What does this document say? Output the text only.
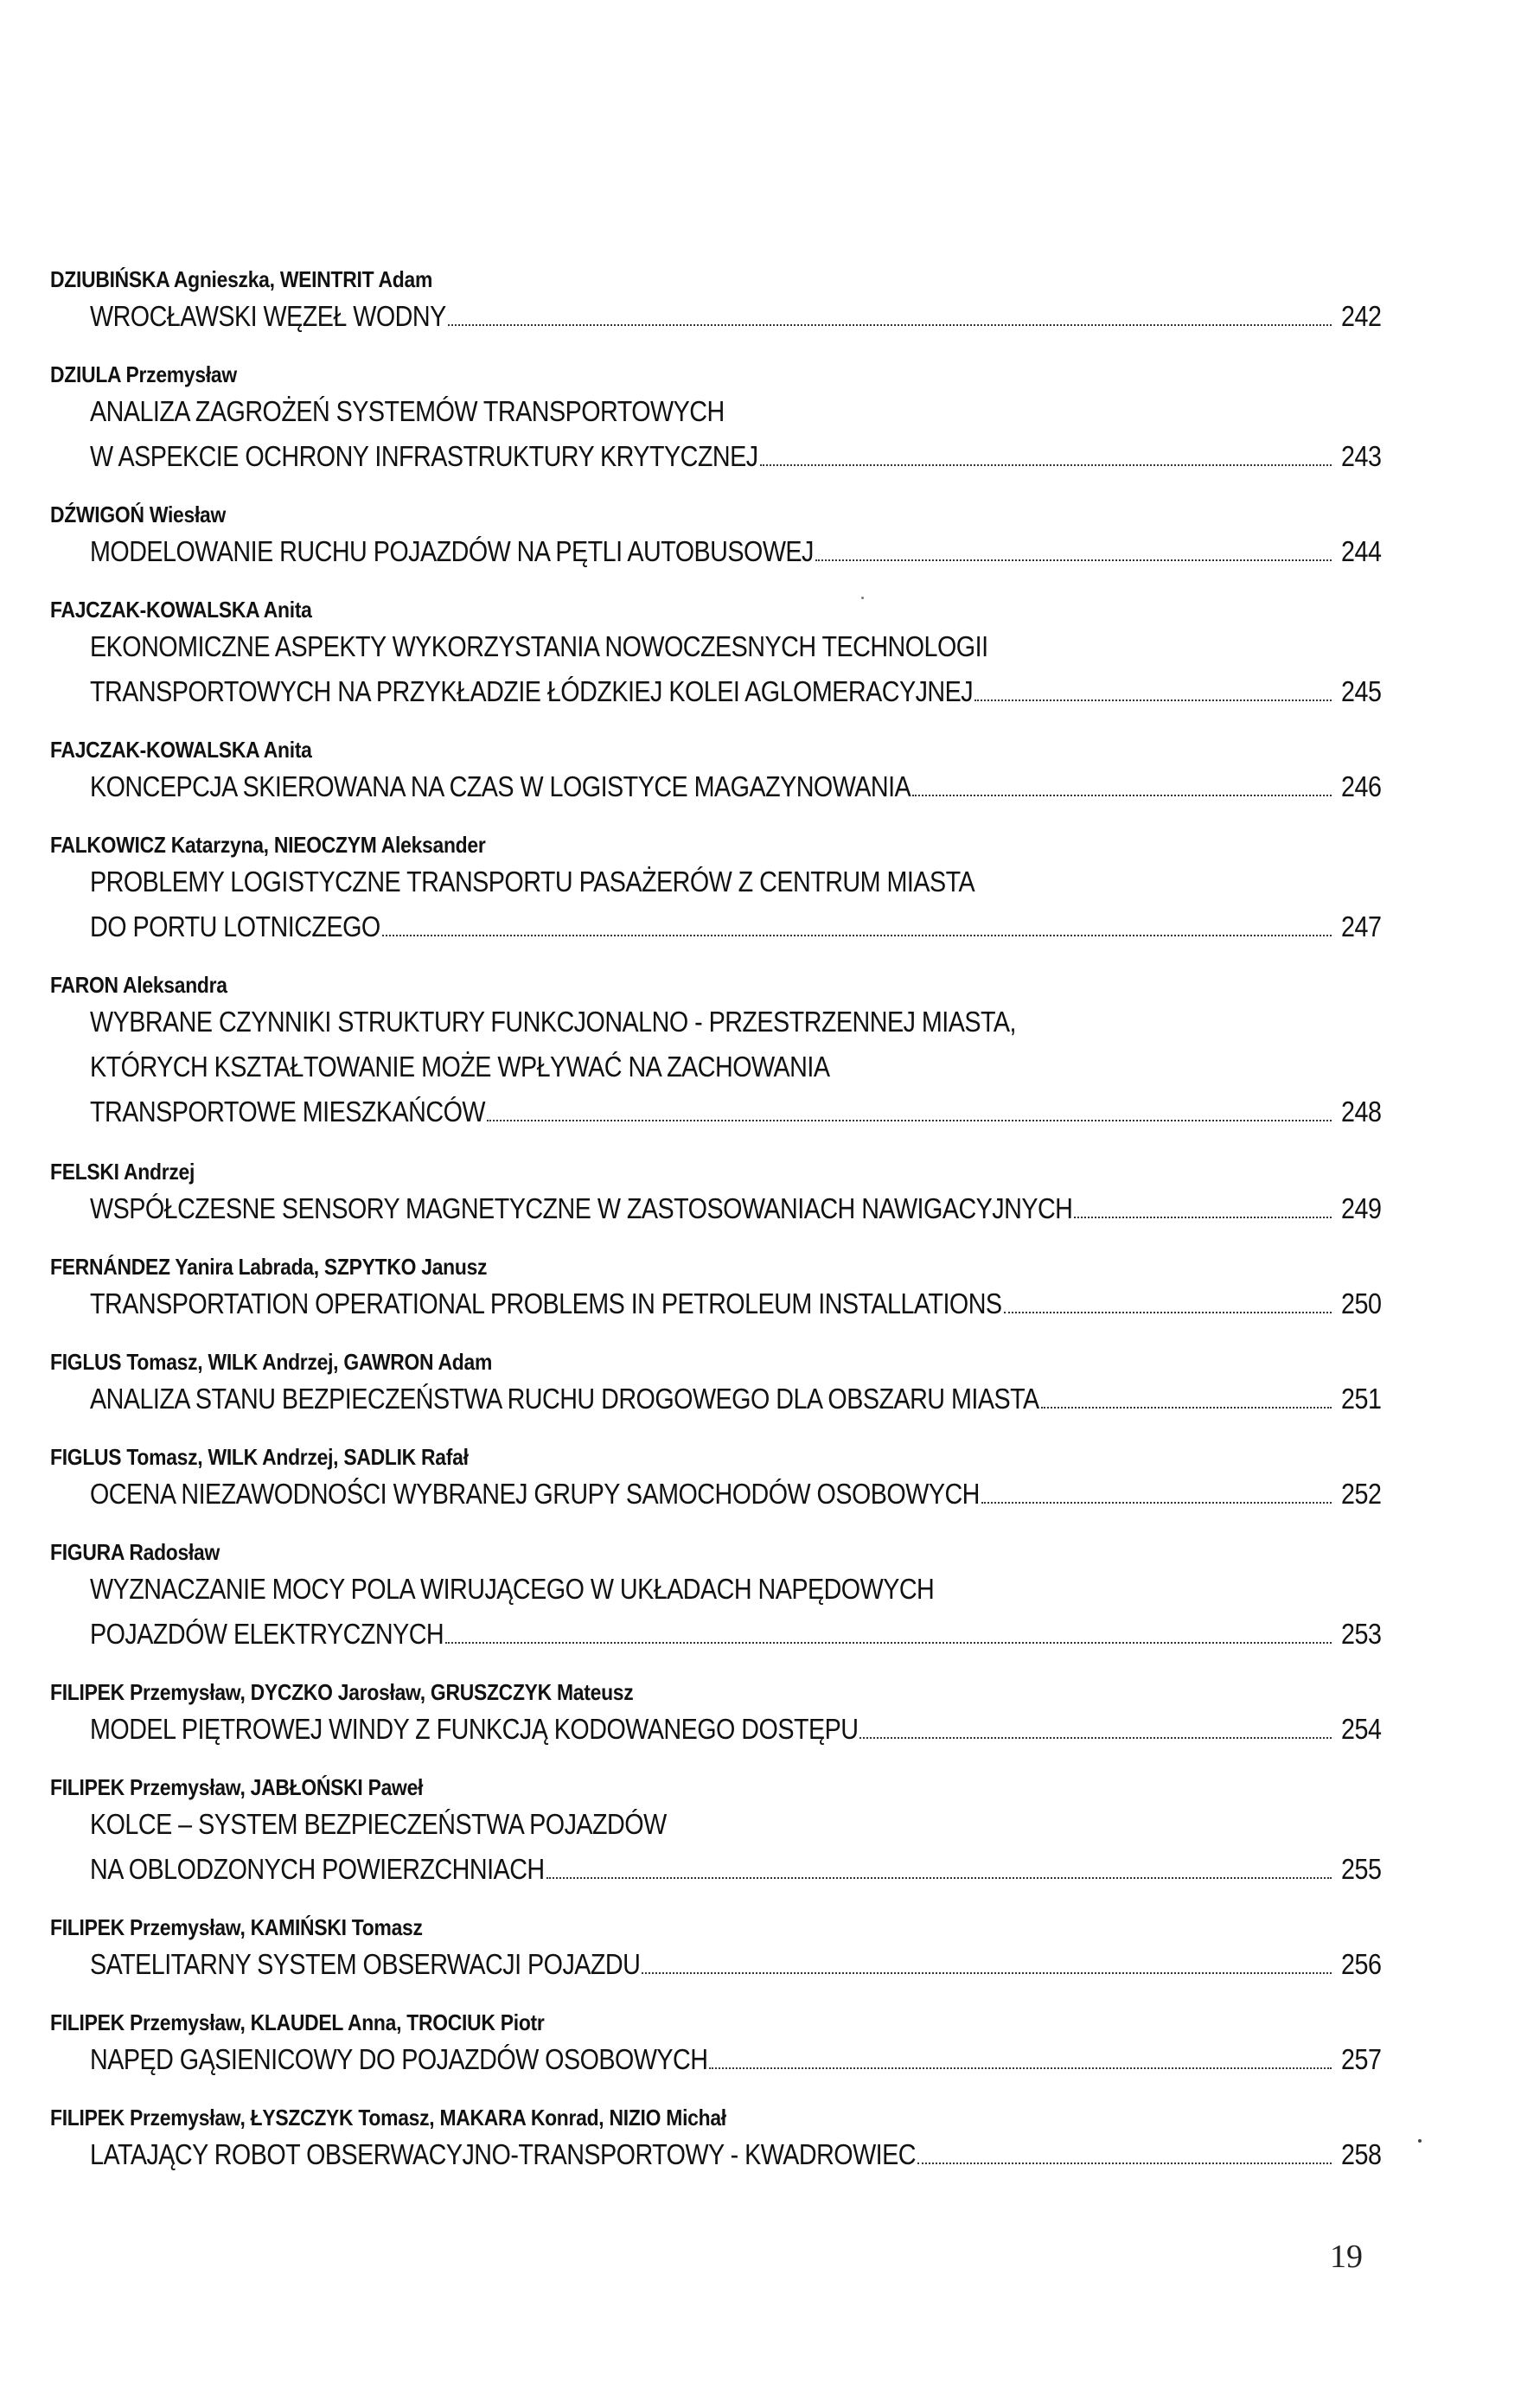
DZIUBIŃSKA Agnieszka, WEINTRIT Adam
WROCŁAWSKI WĘZEŁ WODNY	242
DZIULA Przemysław
ANALIZA ZAGROŻEŃ SYSTEMÓW TRANSPORTOWYCH
W ASPEKCIE OCHRONY INFRASTRUKTURY KRYTYCZNEJ	243
DŹWIGOŃ Wiesław
MODELOWANIE RUCHU POJAZDÓW NA PĘTLI AUTOBUSOWEJ	244
FAJCZAK-KOWALSKA Anita
EKONOMICZNE ASPEKTY WYKORZYSTANIA NOWOCZESNYCH TECHNOLOGII
TRANSPORTOWYCH NA PRZYKŁADZIE ŁÓDZKIEJ KOLEI AGLOMERACYJNEJ	245
FAJCZAK-KOWALSKA Anita
KONCEPCJA SKIEROWANA NA CZAS W LOGISTYCE MAGAZYNOWANIA	246
FALKOWICZ Katarzyna, NIEOCZYM Aleksander
PROBLEMY LOGISTYCZNE TRANSPORTU PASAŻERÓW Z CENTRUM MIASTA
DO PORTU LOTNICZEGO	247
FARON Aleksandra
WYBRANE CZYNNIKI STRUKTURY FUNKCJONALNO - PRZESTRZENNEJ MIASTA,
KTÓRYCH KSZTAŁTOWANIE MOŻE WPŁYWAĆ NA ZACHOWANIA
TRANSPORTOWE MIESZKAŃCÓW	248
FELSKI Andrzej
WSPÓŁCZESNE SENSORY MAGNETYCZNE W ZASTOSOWANIACH NAWIGACYJNYCH	249
FERNÁNDEZ Yanira Labrada, SZPYTKO Janusz
TRANSPORTATION OPERATIONAL PROBLEMS IN PETROLEUM INSTALLATIONS	250
FIGLUS Tomasz, WILK Andrzej, GAWRON Adam
ANALIZA STANU BEZPIECZEŃSTWA RUCHU DROGOWEGO DLA OBSZARU MIASTA	251
FIGLUS Tomasz, WILK Andrzej, SADLIK Rafał
OCENA NIEZAWODNOŚCI WYBRANEJ GRUPY SAMOCHODÓW OSOBOWYCH	252
FIGURA Radosław
WYZNACZANIE MOCY POLA WIRUJĄCEGO W UKŁADACH NAPĘDOWYCH
POJAZDÓW ELEKTRYCZNYCH	253
FILIPEK Przemysław, DYCZKO Jarosław, GRUSZCZYK Mateusz
MODEL PIĘTROWEJ WINDY Z FUNKCJĄ KODOWANEGO DOSTĘPU	254
FILIPEK Przemysław, JABŁOŃSKI Paweł
KOLCE – SYSTEM BEZPIECZEŃSTWA POJAZDÓW
NA OBLODZONYCH POWIERZCHNIACH	255
FILIPEK Przemysław, KAMIŃSKI Tomasz
SATELITARNY SYSTEM OBSERWACJI POJAZDU	256
FILIPEK Przemysław, KLAUDEL Anna, TROCIUK Piotr
NAPĘD GĄSIENICOWY DO POJAZDÓW OSOBOWYCH	257
FILIPEK Przemysław, ŁYSZCZYK Tomasz, MAKARA Konrad, NIZIO Michał
LATAJĄCY ROBOT OBSERWACYJNO-TRANSPORTOWY - KWADROWIEC	258
19
